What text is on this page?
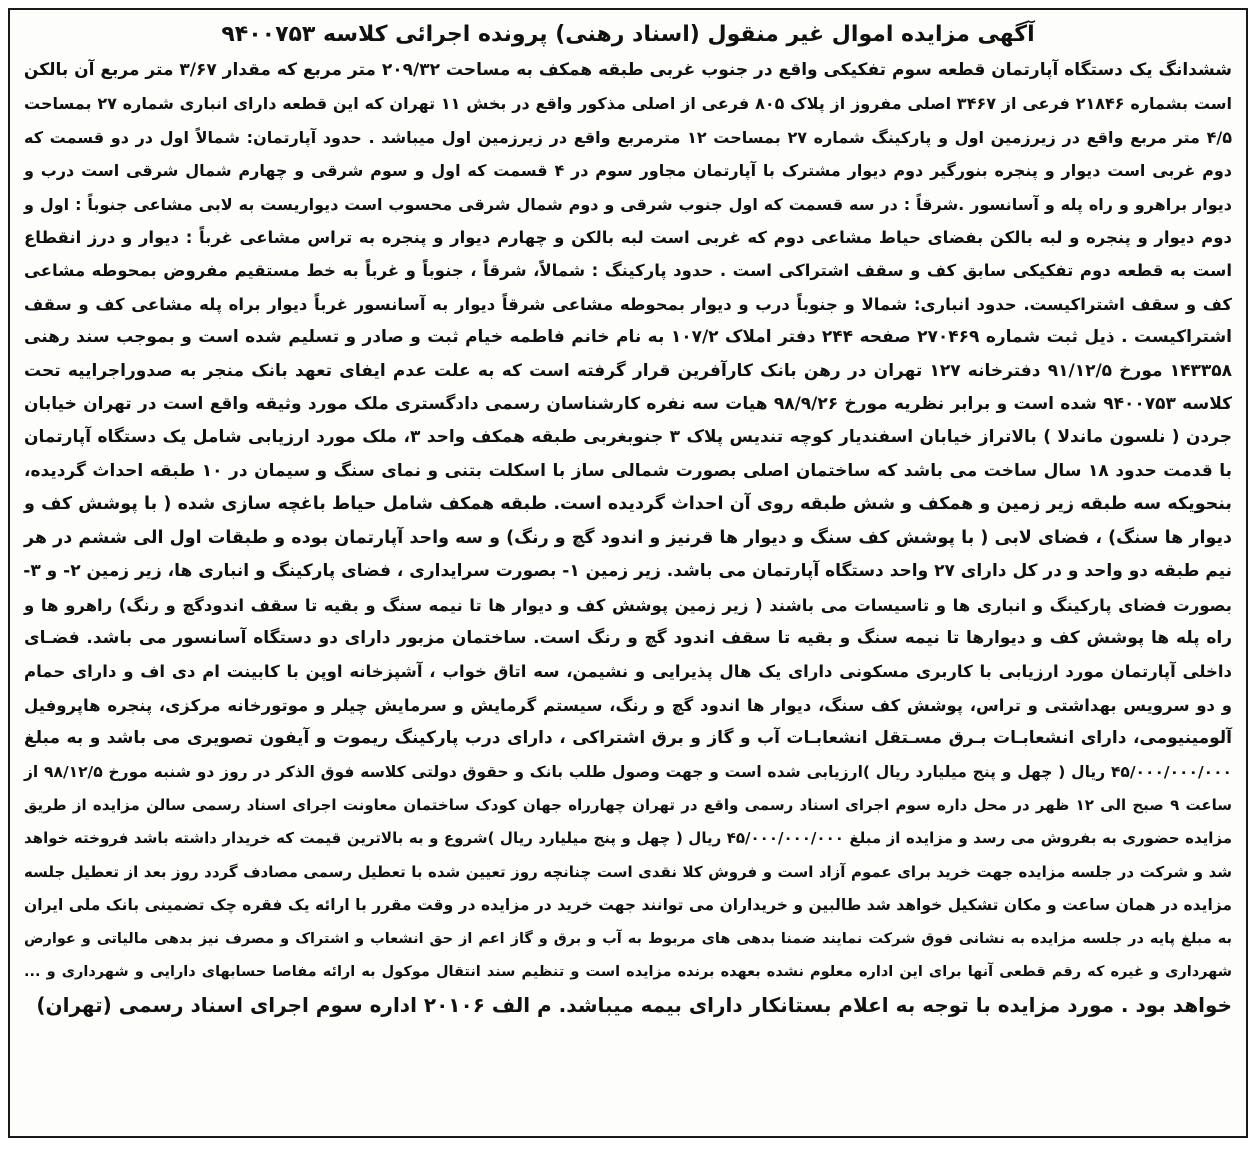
آگهی مزایده اموال غیر منقول (اسناد رهنی) پرونده اجرائی کلاسه ۹۴۰۰۷۵۳
ششدانگ یک دستگاه آپارتمان قطعه سوم تفکیکی واقع در جنوب غربی طبقه همکف به مساحت ۲۰۹/۳۲ متر مربع که مقدار ۳/۶۷ متر مربع آن بالکن
است بشماره ۲۱۸۴۶ فرعی از ۳۴۶۷ اصلی مفروز از پلاک ۸۰۵ فرعی از اصلی مذکور واقع در بخش ۱۱ تهران که این قطعه دارای انباری شماره ۲۷ بمساحت
۴/۵ متر مربع واقع در زیرزمین اول و پارکینگ شماره ۲۷ بمساحت ۱۲ مترمربع واقع در زیرزمین اول میباشد . حدود آپارتمان: شمالاً اول در دو قسمت که
دوم غربی است دیوار و پنجره بنورگیر دوم دیوار مشترک با آپارتمان مجاور سوم در ۴ قسمت که اول و سوم شرقی و چهارم شمال شرقی است درب و
دیوار براهرو و راه پله و آسانسور .شرقاً : در سه قسمت که اول جنوب شرقی و دوم شمال شرقی محسوب است دیواریست به لابی مشاعی جنوباً : اول و
دوم دیوار و پنجره و لبه بالکن بفضای حیاط مشاعی دوم که غربی است لبه بالکن و چهارم دیوار و پنجره به تراس مشاعی غرباً : دیوار و درز انقطاع
است به قطعه دوم تفکیکی سابق کف و سقف اشتراکی است . حدود پارکینگ : شمالاً، شرقاً ، جنوباً و غرباً به خط مستقیم مفروض بمحوطه مشاعی
کف و سقف اشتراکیست. حدود انباری: شمالا و جنوباً درب و دیوار بمحوطه مشاعی شرقاً دیوار به آسانسور غرباً دیوار براه پله مشاعی کف و سقف
اشتراکیست . ذیل ثبت شماره ۲۷۰۴۶۹ صفحه ۲۴۴ دفتر املاک ۱۰۷/۲ به نام خانم فاطمه خیام ثبت و صادر و تسلیم شده است و بموجب سند رهنی
۱۴۳۳۵۸ مورخ ۹۱/۱۲/۵ دفترخانه ۱۲۷ تهران در رهن بانک کارآفرین قرار گرفته است که به علت عدم ایفای تعهد بانک منجر به صدوراجراییه تحت
کلاسه ۹۴۰۰۷۵۳ شده است و برابر نظریه مورخ ۹۸/۹/۲۶ هیات سه نفره کارشناسان رسمی دادگستری ملک مورد وثیقه واقع است در تهران خیابان
جردن ( نلسون ماندلا ) بالاتراز خیابان اسفندیار کوچه تندیس پلاک ۳ جنوبغربی طبقه همکف واحد ۳، ملک مورد ارزیابی شامل یک دستگاه آپارتمان
با قدمت حدود ۱۸ سال ساخت می باشد که ساختمان اصلی بصورت شمالی ساز با اسکلت بتنی و نمای سنگ و سیمان در ۱۰ طبقه احداث گردیده،
بنحویکه سه طبقه زیر زمین و همکف و شش طبقه روی آن احداث گردیده است. طبقه همکف شامل حیاط باغچه سازی شده ( با پوشش کف و
دیوار ها سنگ) ، فضای لابی ( با پوشش کف سنگ و دیوار ها قرنیز و اندود گچ و رنگ) و سه واحد آپارتمان بوده و طبقات اول الی ششم در هر
نیم طبقه دو واحد و در کل دارای ۲۷ واحد دستگاه آپارتمان می باشد. زیر زمین ۱- بصورت سرایداری ، فضای پارکینگ و انباری ها، زیر زمین ۲- و ۳-
بصورت فضای پارکینگ و انباری ها و تاسیسات می باشند ( زیر زمین پوشش کف و دیوار ها تا نیمه سنگ و بقیه تا سقف اندودگچ و رنگ) راهرو ها و
راه پله ها پوشش کف و دیوارها تا نیمه سنگ و بقیه تا سقف اندود گچ و رنگ است. ساختمان مزبور دارای دو دستگاه آسانسور می باشد. فضـای
داخلی آپارتمان مورد ارزیابی با کاربری مسکونی دارای یک هال پذیرایی و نشیمن، سه اتاق خواب ، آشپزخانه اوپن با کابینت ام دی اف و دارای حمام
و دو سرویس بهداشتی و تراس، پوشش کف سنگ، دیوار ها اندود گچ و رنگ، سیستم گرمایش و سرمایش چیلر و موتورخانه مرکزی، پنجره هاپروفیل
آلومینیومی، دارای انشعابـات بـرق مسـتقل انشعابـات آب و گاز و برق اشتراکی ، دارای درب پارکینگ ریموت و آیفون تصویری می باشد و به مبلغ
۴۵/۰۰۰/۰۰۰/۰۰۰ ریال ( چهل و پنج میلیارد ریال )ارزیابی شده است و جهت وصول طلب بانک و حقوق دولتی کلاسه فوق الذکر در روز دو شنبه مورخ ۹۸/۱۲/۵ از
ساعت ۹ صبح الی ۱۲ ظهر در محل داره سوم اجرای اسناد رسمی واقع در تهران چهارراه جهان کودک ساختمان معاونت اجرای اسناد رسمی سالن مزایده از طریق
مزایده حضوری به بفروش می رسد و مزایده از مبلغ ۴۵/۰۰۰/۰۰۰/۰۰۰ ریال ( چهل و پنج میلیارد ریال )شروع و به بالاترین قیمت که خریدار داشته باشد فروخته خواهد
شد و شرکت در جلسه مزایده جهت خرید برای عموم آزاد است و فروش کلا نقدی است چنانچه روز تعیین شده با تعطیل رسمی مصادف گردد روز بعد از تعطیل جلسه
مزایده در همان ساعت و مکان تشکیل خواهد شد طالبین و خریداران می توانند جهت خرید در مزایده در وقت مقرر با ارائه یک فقره چک تضمینی بانک ملی ایران
به مبلغ پایه در جلسه مزایده به نشانی فوق شرکت نمایند ضمنا بدهی های مربوط به آب و برق و گاز اعم از حق انشعاب و اشتراک و مصرف نیز بدهی مالیاتی و عوارض
شهرداری و غیره که رقم قطعی آنها برای این اداره معلوم نشده بعهده برنده مزایده است و تنظیم سند انتقال موکول به ارائه مفاصا حسابهای دارایی و شهرداری و ...
خواهد بود . مورد مزایده با توجه به اعلام بستانکار دارای بیمه میباشد. م الف ۲۰۱۰۶ اداره سوم اجرای اسناد رسمی (تهران)
